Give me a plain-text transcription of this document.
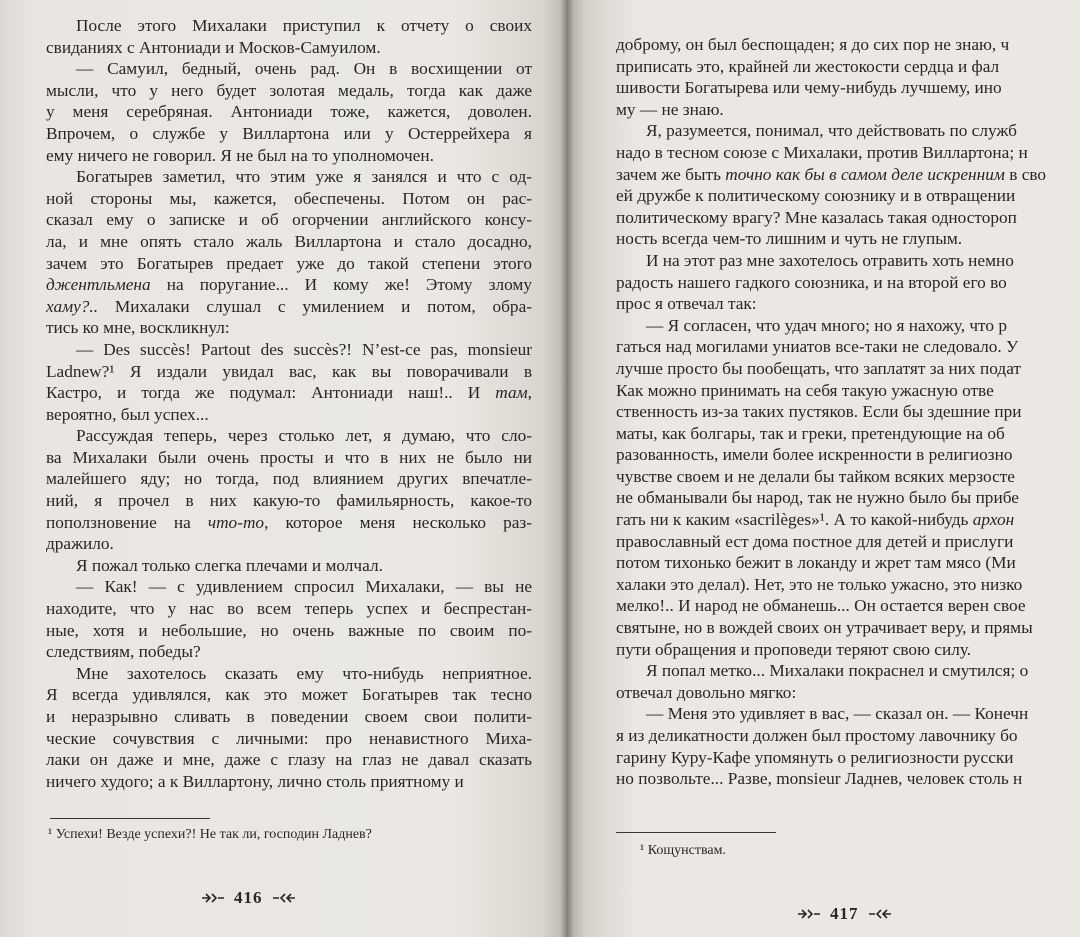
После этого Михалаки приступил к отчету о своих
свиданиях с Антониади и Москов-Самуилом.
— Самуил, бедный, очень рад. Он в восхищении от
мысли, что у него будет золотая медаль, тогда как даже
у меня серебряная. Антониади тоже, кажется, доволен.
Впрочем, о службе у Виллартона или у Остеррейхера я
ему ничего не говорил. Я не был на то уполномочен.
Богатырев заметил, что этим уже я занялся и что с од-
ной стороны мы, кажется, обеспечены. Потом он рас-
сказал ему о записке и об огорчении английского консу-
ла, и мне опять стало жаль Виллартона и стало досадно,
зачем это Богатырев предает уже до такой степени этого
джентльмена на поругание... И кому же! Этому злому
хаму?.. Михалаки слушал с умилением и потом, обра-
тись ко мне, воскликнул:
— Des succès! Partout des succès?! N’est-ce pas, monsieur
Ladnew?¹ Я издали увидал вас, как вы поворачивали в
Кастро, и тогда же подумал: Антониади наш!.. И там,
вероятно, был успех...
Рассуждая теперь, через столько лет, я думаю, что сло-
ва Михалаки были очень просты и что в них не было ни
малейшего яду; но тогда, под влиянием других впечатле-
ний, я прочел в них какую-то фамильярность, какое-то
поползновение на что-то, которое меня несколько раз-
дражило.
Я пожал только слегка плечами и молчал.
— Как! — с удивлением спросил Михалаки, — вы не
находите, что у нас во всем теперь успех и беспрестан-
ные, хотя и небольшие, но очень важные по своим по-
следствиям, победы?
Мне захотелось сказать ему что-нибудь неприятное.
Я всегда удивлялся, как это может Богатырев так тесно
и неразрывно сливать в поведении своем свои полити-
ческие сочувствия с личными: про ненавистного Миха-
лаки он даже и мне, даже с глазу на глаз не давал сказать
ничего худого; а к Виллартону, лично столь приятному и
¹ Успехи! Везде успехи?! Не так ли, господин Ладнев?
416
доброму, он был беспощаден; я до сих пор не знаю, ч
приписать это, крайней ли жестокости сердца и фал
шивости Богатырева или чему-нибудь лучшему, ино
му — не знаю.
Я, разумеется, понимал, что действовать по служб
надо в тесном союзе с Михалаки, против Виллартона; н
зачем же быть точно как бы в самом деле искренним в сво
ей дружбе к политическому союзнику и в отвращении
политическому врагу? Мне казалась такая одностороп
ность всегда чем-то лишним и чуть не глупым.
И на этот раз мне захотелось отравить хоть немно
радость нашего гадкого союзника, и на второй его во
прос я отвечал так:
— Я согласен, что удач много; но я нахожу, что р
гаться над могилами униатов все-таки не следовало. У
лучше просто бы пообещать, что заплатят за них подат
Как можно принимать на себя такую ужасную отве
ственность из-за таких пустяков. Если бы здешние при
маты, как болгары, так и греки, претендующие на об
разованность, имели более искренности в религиозно
чувстве своем и не делали бы тайком всяких мерзосте
не обманывали бы народ, так не нужно было бы прибе
гать ни к каким «sacrilèges»¹. А то какой-нибудь архон
православный ест дома постное для детей и прислуги
потом тихонько бежит в локанду и жрет там мясо (Ми
халаки это делал). Нет, это не только ужасно, это низко
мелко!.. И народ не обманешь... Он остается верен свое
святыне, но в вождей своих он утрачивает веру, и прямы
пути обращения и проповеди теряют свою силу.
Я попал метко... Михалаки покраснел и смутился; о
отвечал довольно мягко:
— Меня это удивляет в вас, — сказал он. — Конечн
я из деликатности должен был простому лавочнику бо
гарину Куру-Кафе упомянуть о религиозности русски
но позвольте... Разве, monsieur Ладнев, человек столь н
¹ Кощунствам.
417
